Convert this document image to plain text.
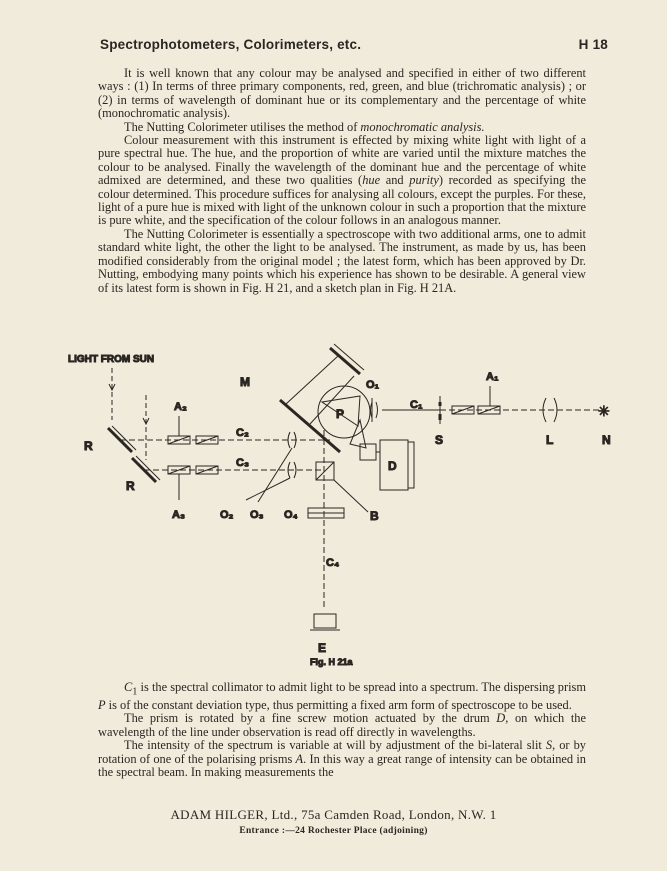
Spectrophotometers, Colorimeters, etc.	H 18

It is well known that any colour may be analysed and specified in either of two different ways : (1) In terms of three primary components, red, green, and blue (trichromatic analysis) ; or (2) in terms of wavelength of dominant hue or its complementary and the percentage of white (monochromatic analysis).

The Nutting Colorimeter utilises the method of monochromatic analysis.

Colour measurement with this instrument is effected by mixing white light with light of a pure spectral hue. The hue, and the proportion of white are varied until the mixture matches the colour to be analysed. Finally the wavelength of the dominant hue and the percentage of white admixed are determined, and these two qualities (hue and purity) recorded as specifying the colour determined. This procedure suffices for analysing all colours, except the purples. For these, light of a pure hue is mixed with light of the unknown colour in such a proportion that the mixture is pure white, and the specification of the colour follows in an analogous manner.

The Nutting Colorimeter is essentially a spectroscope with two additional arms, one to admit standard white light, the other the light to be analysed. The instrument, as made by us, has been modified considerably from the original model ; the latest form, which has been approved by Dr. Nutting, embodying many points which his experience has shown to be desirable. A general view of its latest form is shown in Fig. H 21, and a sketch plan in Fig. H 21A.

LIGHT FROM SUN
R
R
A₂
C₂
A₃
C₃
O₂ O₃ O₄
M
P
D
O₁
C₁
S
A₁
L
✳
N
B
C₄
E
Fig. H 21a

$C_1$ is the spectral collimator to admit light to be spread into a spectrum. The dispersing prism P is of the constant deviation type, thus permitting a fixed arm form of spectroscope to be used.

The prism is rotated by a fine screw motion actuated by the drum D, on which the wavelength of the line under observation is read off directly in wavelengths.

The intensity of the spectrum is variable at will by adjustment of the bi-lateral slit S, or by rotation of one of the polarising prisms A. In this way a great range of intensity can be obtained in the spectral beam. In making measurements the

ADAM HILGER, Ltd., 75a Camden Road, London, N.W. 1
Entrance :—24 Rochester Place (adjoining)
